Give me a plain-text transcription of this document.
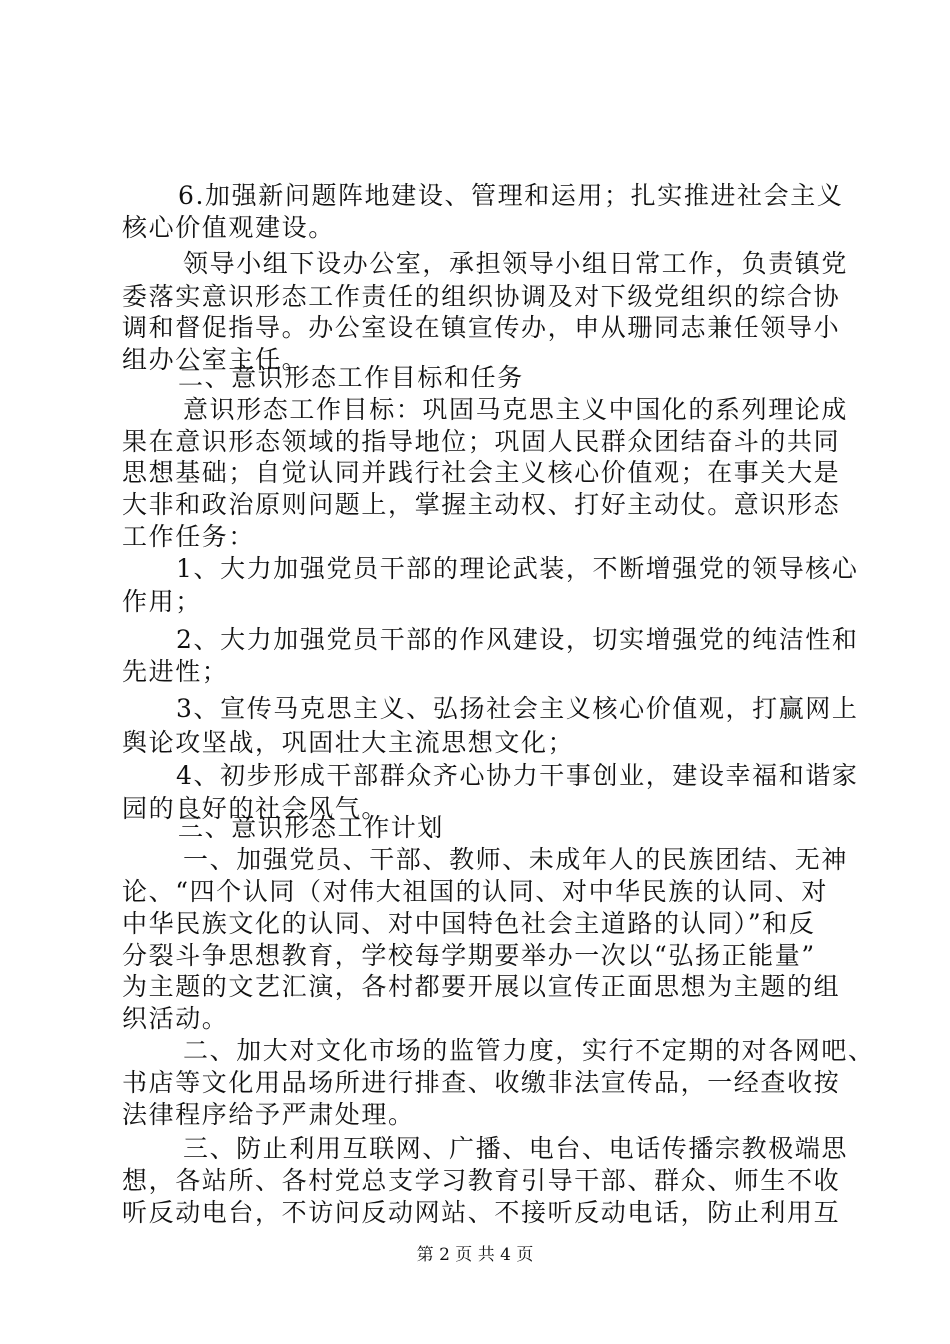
6.加强新问题阵地建设、管理和运用；扎实推进社会主义
核心价值观建设。
领导小组下设办公室，承担领导小组日常工作，负责镇党
委落实意识形态工作责任的组织协调及对下级党组织的综合协
调和督促指导。办公室设在镇宣传办，申从珊同志兼任领导小
组办公室主任。
二、意识形态工作目标和任务
意识形态工作目标：巩固马克思主义中国化的系列理论成
果在意识形态领域的指导地位；巩固人民群众团结奋斗的共同
思想基础；自觉认同并践行社会主义核心价值观；在事关大是
大非和政治原则问题上，掌握主动权、打好主动仗。意识形态
工作任务：
1、大力加强党员干部的理论武装，不断增强党的领导核心
作用；
2、大力加强党员干部的作风建设，切实增强党的纯洁性和
先进性；
3、宣传马克思主义、弘扬社会主义核心价值观，打赢网上
舆论攻坚战，巩固壮大主流思想文化；
4、初步形成干部群众齐心协力干事创业，建设幸福和谐家
园的良好的社会风气。
三、意识形态工作计划
一、加强党员、干部、教师、未成年人的民族团结、无神
论、“四个认同（对伟大祖国的认同、对中华民族的认同、对
中华民族文化的认同、对中国特色社会主道路的认同）”和反
分裂斗争思想教育，学校每学期要举办一次以“弘扬正能量”
为主题的文艺汇演，各村都要开展以宣传正面思想为主题的组
织活动。
二、加大对文化市场的监管力度，实行不定期的对各网吧、
书店等文化用品场所进行排查、收缴非法宣传品，一经查收按
法律程序给予严肃处理。
三、防止利用互联网、广播、电台、电话传播宗教极端思
想，各站所、各村党总支学习教育引导干部、群众、师生不收
听反动电台，不访问反动网站、不接听反动电话，防止利用互
第 2 页 共 4 页
